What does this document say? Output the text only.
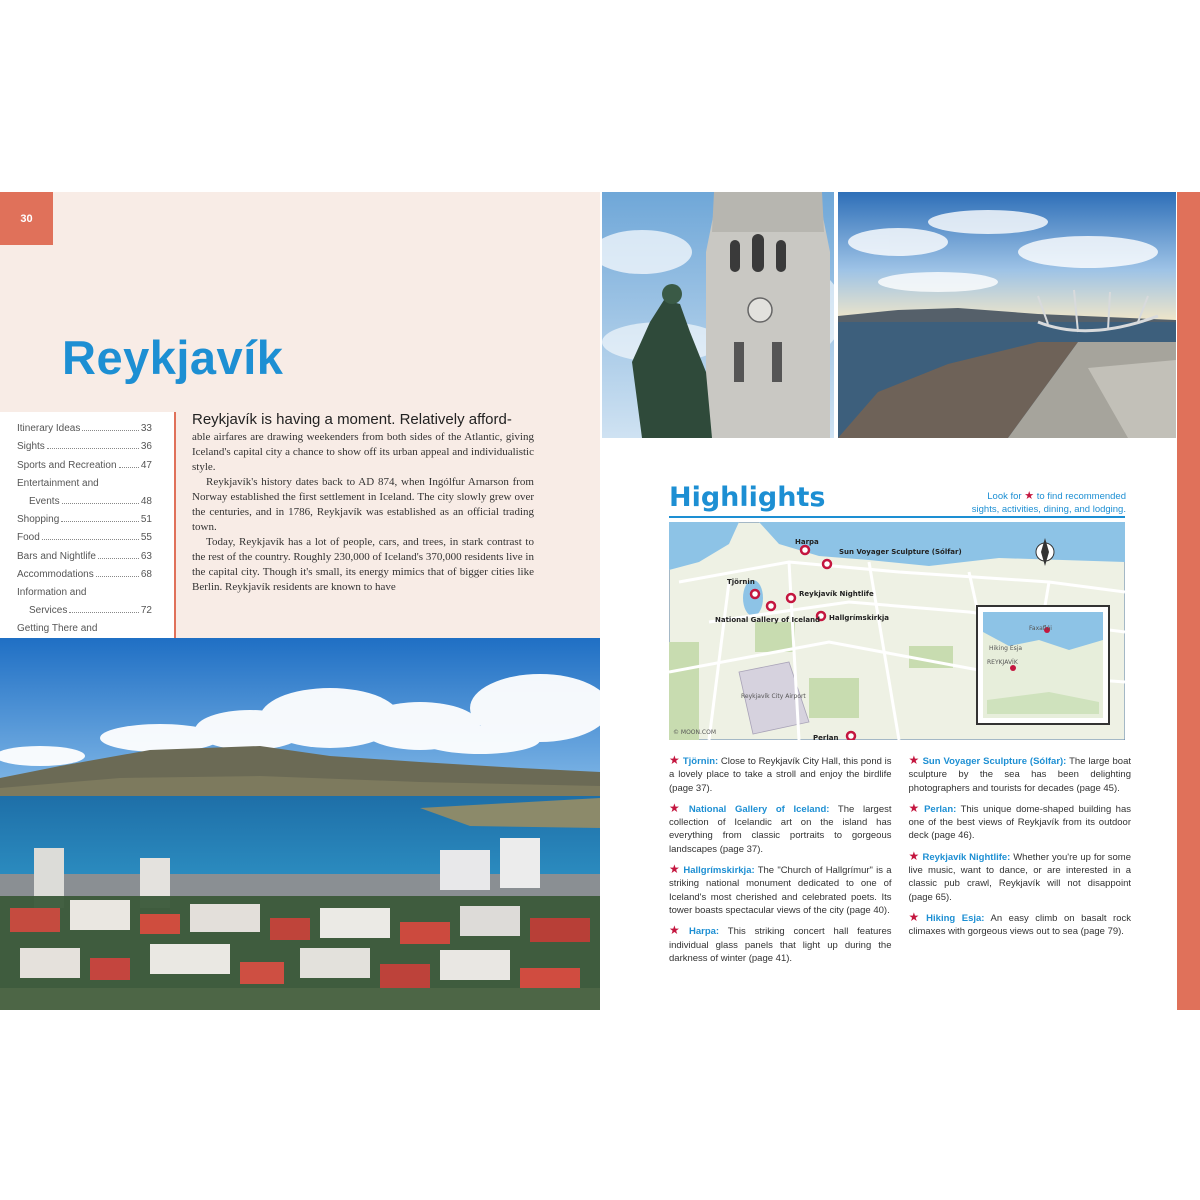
30
Reykjavík
Itinerary Ideas	33
Sights	36
Sports and Recreation 47
Entertainment and
Events	48
Shopping	51
Food	55
Bars and Nightlife	63
Accommodations	68
Information and
Services	72
Getting There and
Reykjavík is having a moment. Relatively afford-

able airfares are drawing weekenders from both sides of the Atlantic, giving Iceland's capital city a chance to show off its urban appeal and individualistic style.

Reykjavík's history dates back to AD 874, when Ingólfur Arnarson from Norway established the first settlement in Iceland. The city slowly grew over the centuries, and in 1786, Reykjavík was established as an official trading town.

Today, Reykjavík has a lot of people, cars, and trees, in stark contrast to the rest of the country. Roughly 230,000 of Iceland's 370,000 residents live in the capital city. Though it's small, its energy mimics that of bigger cities like Berlin. Reykjavík residents are known to have

Highlights	Look for ★ to find recommended sights, activities, dining, and lodging.
Harpa
Sun Voyager Sculpture (Sólfar)
Tjörnin
Reykjavík Nightlife
National Gallery of Iceland Hallgrímskirkja
Perlan
Reykjavík City Airport
Faxaflói
Hiking Esja
REYKJAVÍK
© MOON.COM

★ Tjörnin: Close to Reykjavík City Hall, this pond is a lovely place to take a stroll and enjoy the birdlife (page 37).

★ National Gallery of Iceland: The largest collection of Icelandic art on the island has everything from classic portraits to gorgeous landscapes (page 37).

★ Hallgrímskirkja: The "Church of Hallgrímur" is a striking national monument dedicated to one of Iceland's most cherished and celebrated poets. Its tower boasts spectacular views of the city (page 40).

★ Harpa: This striking concert hall features individual glass panels that light up during the darkness of winter (page 41).

★ Sun Voyager Sculpture (Sólfar): The large boat sculpture by the sea has been delighting photographers and tourists for decades (page 45).

★ Perlan: This unique dome-shaped building has one of the best views of Reykjavík from its outdoor deck (page 46).

★ Reykjavík Nightlife: Whether you're up for some live music, want to dance, or are interested in a classic pub crawl, Reykjavík will not disappoint (page 65).

★ Hiking Esja: An easy climb on basalt rock climaxes with gorgeous views out to sea (page 79).
